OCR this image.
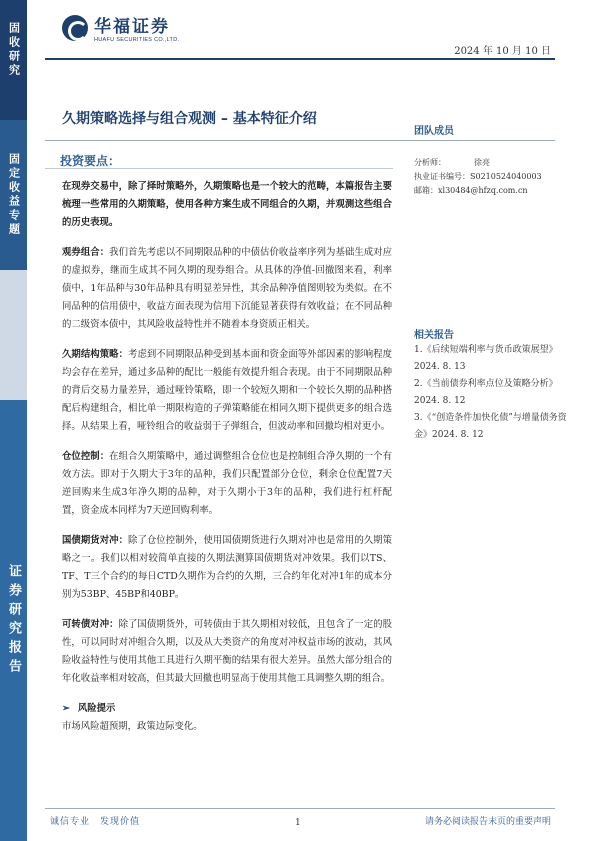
固收研究
固定收益专题
证券研究报告
华福证券
HUAFU SECURITIES CO.,LTD.
2024 年 10 月 10 日
久期策略选择与组合观测 – 基本特征介绍
团队成员
投资要点：	分析师：	徐亮
执业证书编号：S0210524040003
邮箱：xl30484@hfzq.com.cn
相关报告
1.《后续短端利率与货币政策展望》2024. 8. 13
2.《当前债券利率点位及策略分析》2024. 8. 12
3.《“创造条件加快化债”与增量债务资金》2024. 8. 12

在现券交易中，除了择时策略外，久期策略也是一个较大的范畴，本篇报告主要梳理一些常用的久期策略，使用各种方案生成不同组合的久期，并观测这些组合的历史表现。

观券组合：我们首先考虑以不同期限品种的中债估价收益率序列为基础生成对应的虚拟券，继而生成其不同久期的现券组合。从具体的净值-回撤图来看，利率债中，1年品种与30年品种具有明显差异性，其余品种净值图则较为类似。在不同品种的信用债中，收益方面表现为信用下沉能显著获得有效收益；在不同品种的二级资本债中，其风险收益特性并不随着本身资质正相关。

久期结构策略：考虑到不同期限品种受到基本面和资金面等外部因素的影响程度均会存在差异，通过多品种的配比一般能有效提升组合表现。由于不同期限品种的背后交易力量差异，通过哑铃策略，即一个较短久期和一个较长久期的品种搭配后构建组合，相比单一期限构造的子弹策略能在相同久期下提供更多的组合选择。从结果上看，哑铃组合的收益弱于子弹组合，但波动率和回撤均相对更小。

仓位控制：在组合久期策略中，通过调整组合仓位也是控制组合净久期的一个有效方法。即对于久期大于3年的品种，我们只配置部分仓位，剩余仓位配置7天逆回购来生成3年净久期的品种，对于久期小于3年的品种，我们进行杠杆配置，资金成本同样为7天逆回购利率。

国债期货对冲：除了仓位控制外，使用国债期货进行久期对冲也是常用的久期策略之一。我们以相对较简单直接的久期法测算国债期货对冲效果。我们以TS、TF、T三个合约的每日CTD久期作为合约的久期，三合约年化对冲1年的成本分别为53BP、45BP和40BP。

可转债对冲：除了国债期货外，可转债由于其久期相对较低，且包含了一定的股性，可以同时对冲组合久期，以及从大类资产的角度对冲权益市场的波动，其风险收益特性与使用其他工具进行久期平衡的结果有很大差异。虽然大部分组合的年化收益率相对较高，但其最大回撤也明显高于使用其他工具调整久期的组合。

➢ 风险提示

市场风险超预期，政策边际变化。

诚信专业　发现价值	1	请务必阅读报告末页的重要声明
